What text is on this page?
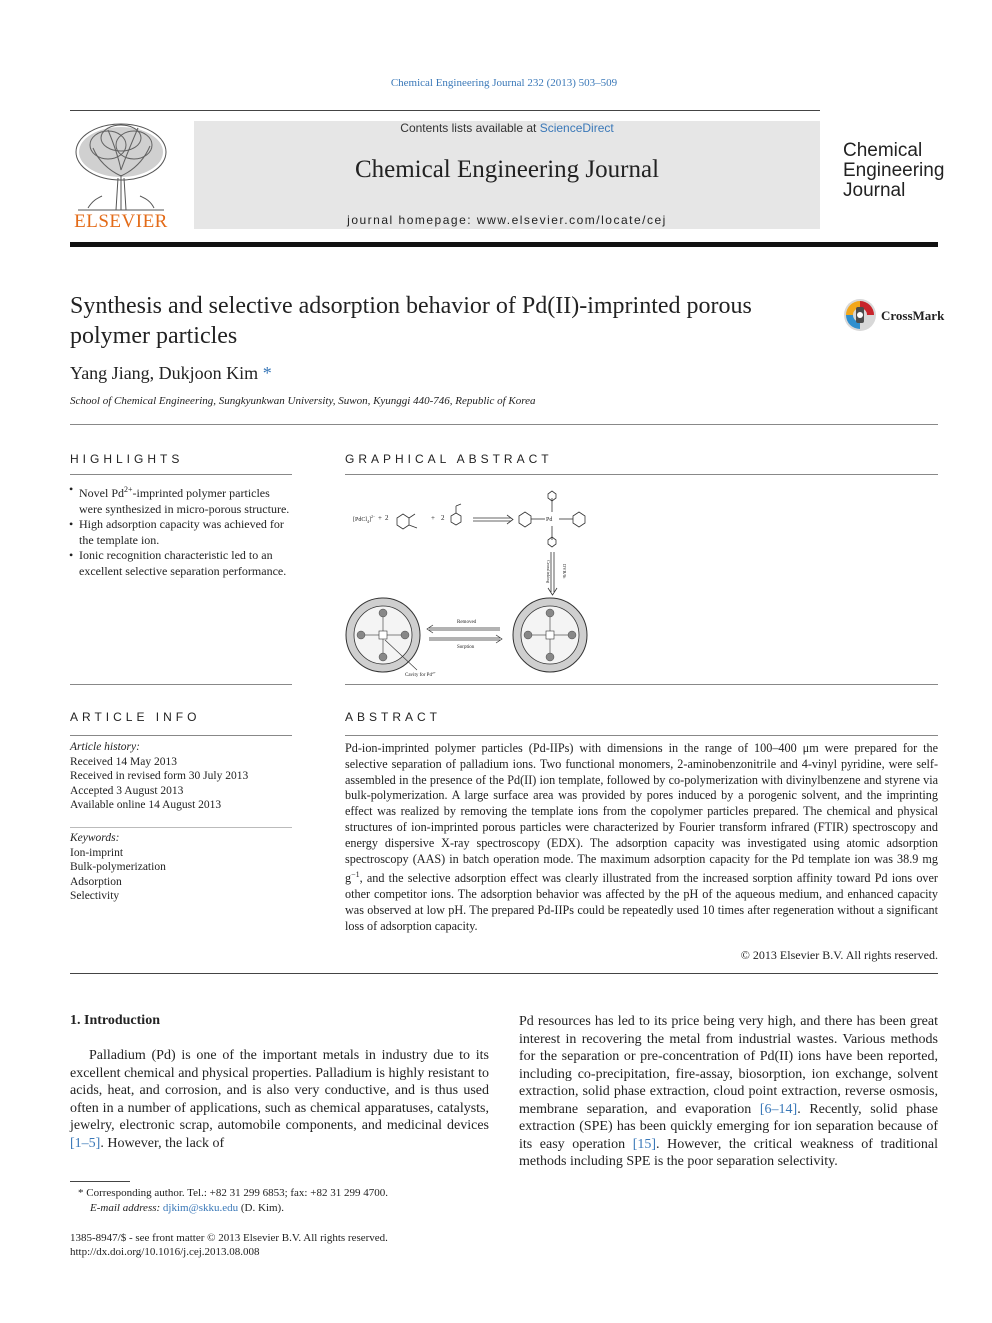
Chemical Engineering Journal 232 (2013) 503–509
ELSEVIER
Contents lists available at ScienceDirect
Chemical Engineering Journal
journal homepage: www.elsevier.com/locate/cej
Chemical
Engineering
Journal
Synthesis and selective adsorption behavior of Pd(II)-imprinted porous polymer particles
CrossMark
Yang Jiang, Dukjoon Kim *
School of Chemical Engineering, Sungkyunkwan University, Suwon, Kyunggi 440-746, Republic of Korea
HIGHLIGHTS
• Novel $Pd^{2+}$-imprinted polymer particles were synthesized in micro-porous structure.
• High adsorption capacity was achieved for the template ion.
• Ionic recognition characteristic led to an excellent selective separation performance.
GRAPHICAL ABSTRACT
[PdCl$_4$]$^{2-}$ + 2	+ 2	Pd
Crosslinking DVB/St
Cavity for $Pd^{2+}$
Removed
Sorption
ARTICLE INFO
Article history:
Received 14 May 2013
Received in revised form 30 July 2013
Accepted 3 August 2013
Available online 14 August 2013
Keywords:
Ion-imprint
Bulk-polymerization
Adsorption
Selectivity
ABSTRACT
Pd-ion-imprinted polymer particles (Pd-IIPs) with dimensions in the range of 100–400 μm were prepared for the selective separation of palladium ions. Two functional monomers, 2-aminobenzonitrile and 4-vinyl pyridine, were self-assembled in the presence of the Pd(II) ion template, followed by co-polymerization with divinylbenzene and styrene via bulk-polymerization. A large surface area was provided by pores induced by a porogenic solvent, and the imprinting effect was realized by removing the template ions from the copolymer particles prepared. The chemical and physical structures of ion-imprinted porous particles were characterized by Fourier transform infrared (FTIR) spectroscopy and energy dispersive X-ray spectroscopy (EDX). The adsorption capacity was investigated using atomic adsorption spectroscopy (AAS) in batch operation mode. The maximum adsorption capacity for the Pd template ion was 38.9 mg $g^{-1}$, and the selective adsorption effect was clearly illustrated from the increased sorption affinity toward Pd ions over other competitor ions. The adsorption behavior was affected by the pH of the aqueous medium, and enhanced capacity was observed at low pH. The prepared Pd-IIPs could be repeatedly used 10 times after regeneration without a significant loss of adsorption capacity.
© 2013 Elsevier B.V. All rights reserved.
1. Introduction
Palladium (Pd) is one of the important metals in industry due to its excellent chemical and physical properties. Palladium is highly resistant to acids, heat, and corrosion, and is also very conductive, and is thus used often in a number of applications, such as chemical apparatuses, catalysts, jewelry, electronic scrap, automobile components, and medicinal devices [1–5]. However, the lack of
Pd resources has led to its price being very high, and there has been great interest in recovering the metal from industrial wastes. Various methods for the separation or pre-concentration of Pd(II) ions have been reported, including co-precipitation, fire-assay, biosorption, ion exchange, solvent extraction, solid phase extraction, cloud point extraction, reverse osmosis, membrane separation, and evaporation [6–14]. Recently, solid phase extraction (SPE) has been quickly emerging for ion separation because of its easy operation [15]. However, the critical weakness of traditional methods including SPE is the poor separation selectivity.
* Corresponding author. Tel.: +82 31 299 6853; fax: +82 31 299 4700.
E-mail address: djkim@skku.edu (D. Kim).
1385-8947/$ - see front matter © 2013 Elsevier B.V. All rights reserved.
http://dx.doi.org/10.1016/j.cej.2013.08.008
